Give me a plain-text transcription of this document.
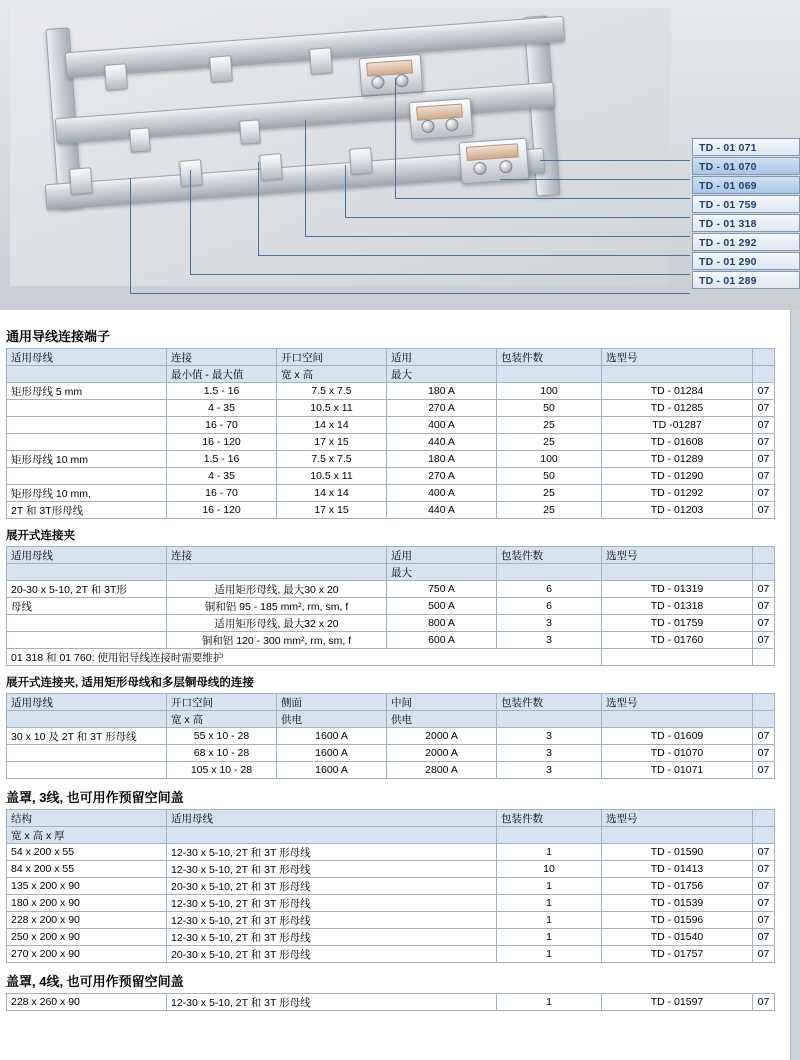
TD - 01 071
TD - 01 070
TD - 01 069
TD - 01 759
TD - 01 318
TD - 01 292
TD - 01 290
TD - 01 289
通用导线连接端子
适用母线	连接	开口空间	适用	包装件数	选型号	
	最小值 - 最大值	宽 x 高	最大			
矩形母线 5 mm	1.5 - 16	7.5 x 7.5	180 A	100	TD - 01284	07
	4 - 35	10.5 x 11	270 A	50	TD - 01285	07
	16 - 70	14 x 14	400 A	25	TD -01287	07
	16 - 120	17 x 15	440 A	25	TD - 01608	07
矩形母线 10 mm	1.5 - 16	7.5 x 7.5	180 A	100	TD - 01289	07
	4 - 35	10.5 x 11	270 A	50	TD - 01290	07
矩形母线 10 mm,	16 - 70	14 x 14	400 A	25	TD - 01292	07
2T 和 3T形母线	16 - 120	17 x 15	440 A	25	TD - 01203	07
展开式连接夹
适用母线	连接	适用	包装件数	选型号	
		最大			
20-30 x 5-10, 2T 和 3T形	适用矩形母线, 最大30 x 20	750 A	6	TD - 01319	07
母线	铜和铝 95 - 185 mm², rm, sm, f	500 A	6	TD - 01318	07
	适用矩形母线, 最大32 x 20	800 A	3	TD - 01759	07
	铜和铝 120 - 300 mm², rm, sm, f	600 A	3	TD - 01760	07
01 318 和 01 760: 使用铝导线连接时需要维护					
展开式连接夹, 适用矩形母线和多层铜母线的连接
适用母线	开口空间	侧面	中间	包装件数	选型号	
	宽 x 高	供电	供电			
30 x 10 及 2T 和 3T 形母线	55 x 10 - 28	1600 A	2000 A	3	TD - 01609	07
	68 x 10 - 28	1600 A	2000 A	3	TD - 01070	07
	105 x 10 - 28	1600 A	2800 A	3	TD - 01071	07
盖罩, 3线, 也可用作预留空间盖
结构	适用母线	包装件数	选型号	
宽 x 高 x 厚				
54 x 200 x 55	12-30 x 5-10, 2T 和 3T 形母线	1	TD - 01590	07
84 x 200 x 55	12-30 x 5-10, 2T 和 3T 形母线	10	TD - 01413	07
135 x 200 x 90	20-30 x 5-10, 2T 和 3T 形母线	1	TD - 01756	07
180 x 200 x 90	12-30 x 5-10, 2T 和 3T 形母线	1	TD - 01539	07
228 x 200 x 90	12-30 x 5-10, 2T 和 3T 形母线	1	TD - 01596	07
250 x 200 x 90	12-30 x 5-10, 2T 和 3T 形母线	1	TD - 01540	07
270 x 200 x 90	20-30 x 5-10, 2T 和 3T 形母线	1	TD - 01757	07
盖罩, 4线, 也可用作预留空间盖
228 x 260 x 90	12-30 x 5-10, 2T 和 3T 形母线	1	TD - 01597	07
